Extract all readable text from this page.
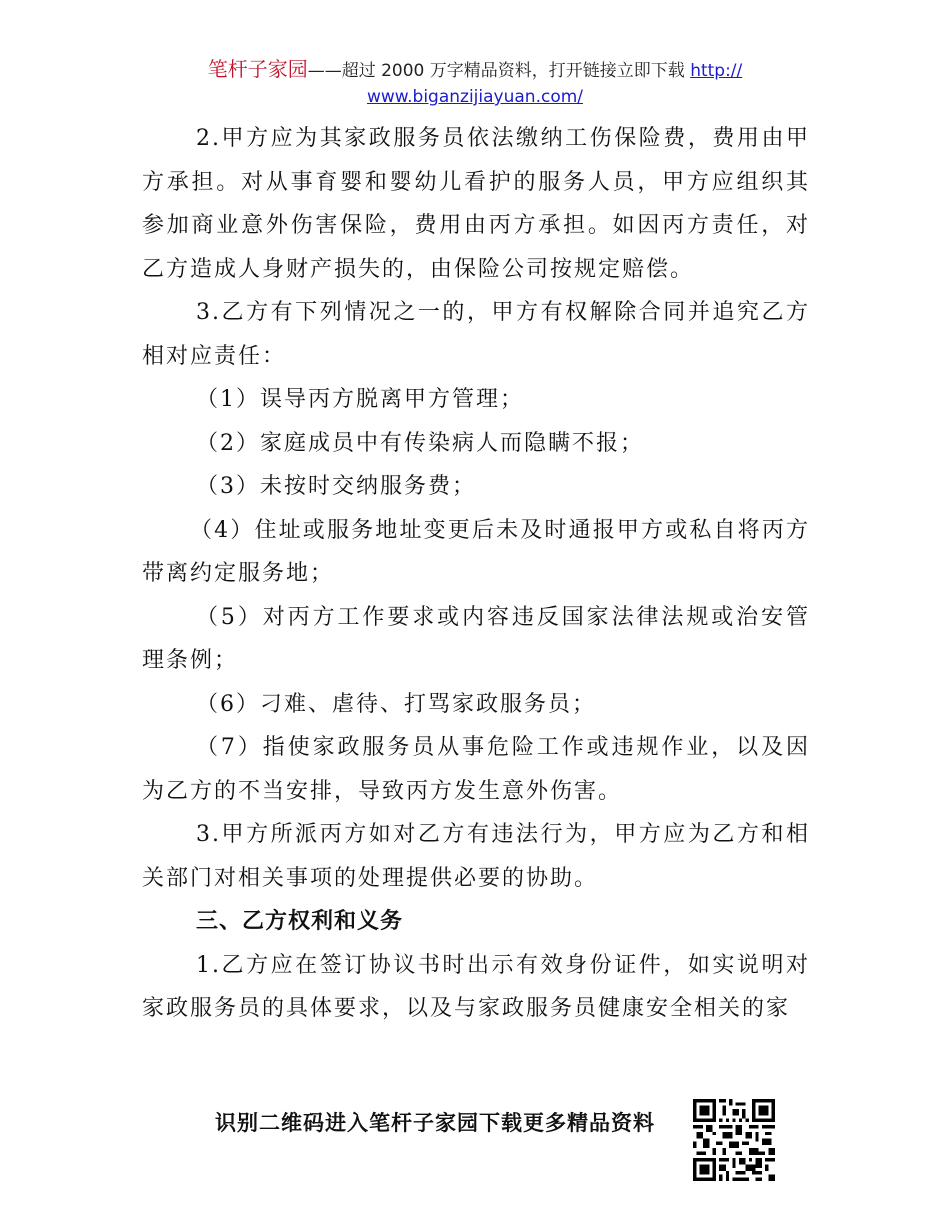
笔杆子家园——超过 2000 万字精品资料，打开链接立即下载 http://
www.biganzijiayuan.com/

2.甲方应为其家政服务员依法缴纳工伤保险费，费用由甲方承担。对从事育婴和婴幼儿看护的服务人员，甲方应组织其参加商业意外伤害保险，费用由丙方承担。如因丙方责任，对乙方造成人身财产损失的，由保险公司按规定赔偿。

3.乙方有下列情况之一的，甲方有权解除合同并追究乙方相对应责任：

（1）误导丙方脱离甲方管理；

（2）家庭成员中有传染病人而隐瞒不报；

（3）未按时交纳服务费；

（4）住址或服务地址变更后未及时通报甲方或私自将丙方带离约定服务地；

（5）对丙方工作要求或内容违反国家法律法规或治安管理条例；

（6）刁难、虐待、打骂家政服务员；

（7）指使家政服务员从事危险工作或违规作业，以及因为乙方的不当安排，导致丙方发生意外伤害。

3.甲方所派丙方如对乙方有违法行为，甲方应为乙方和相关部门对相关事项的处理提供必要的协助。

三、乙方权利和义务

1.乙方应在签订协议书时出示有效身份证件，如实说明对家政服务员的具体要求，以及与家政服务员健康安全相关的家

识别二维码进入笔杆子家园下载更多精品资料
